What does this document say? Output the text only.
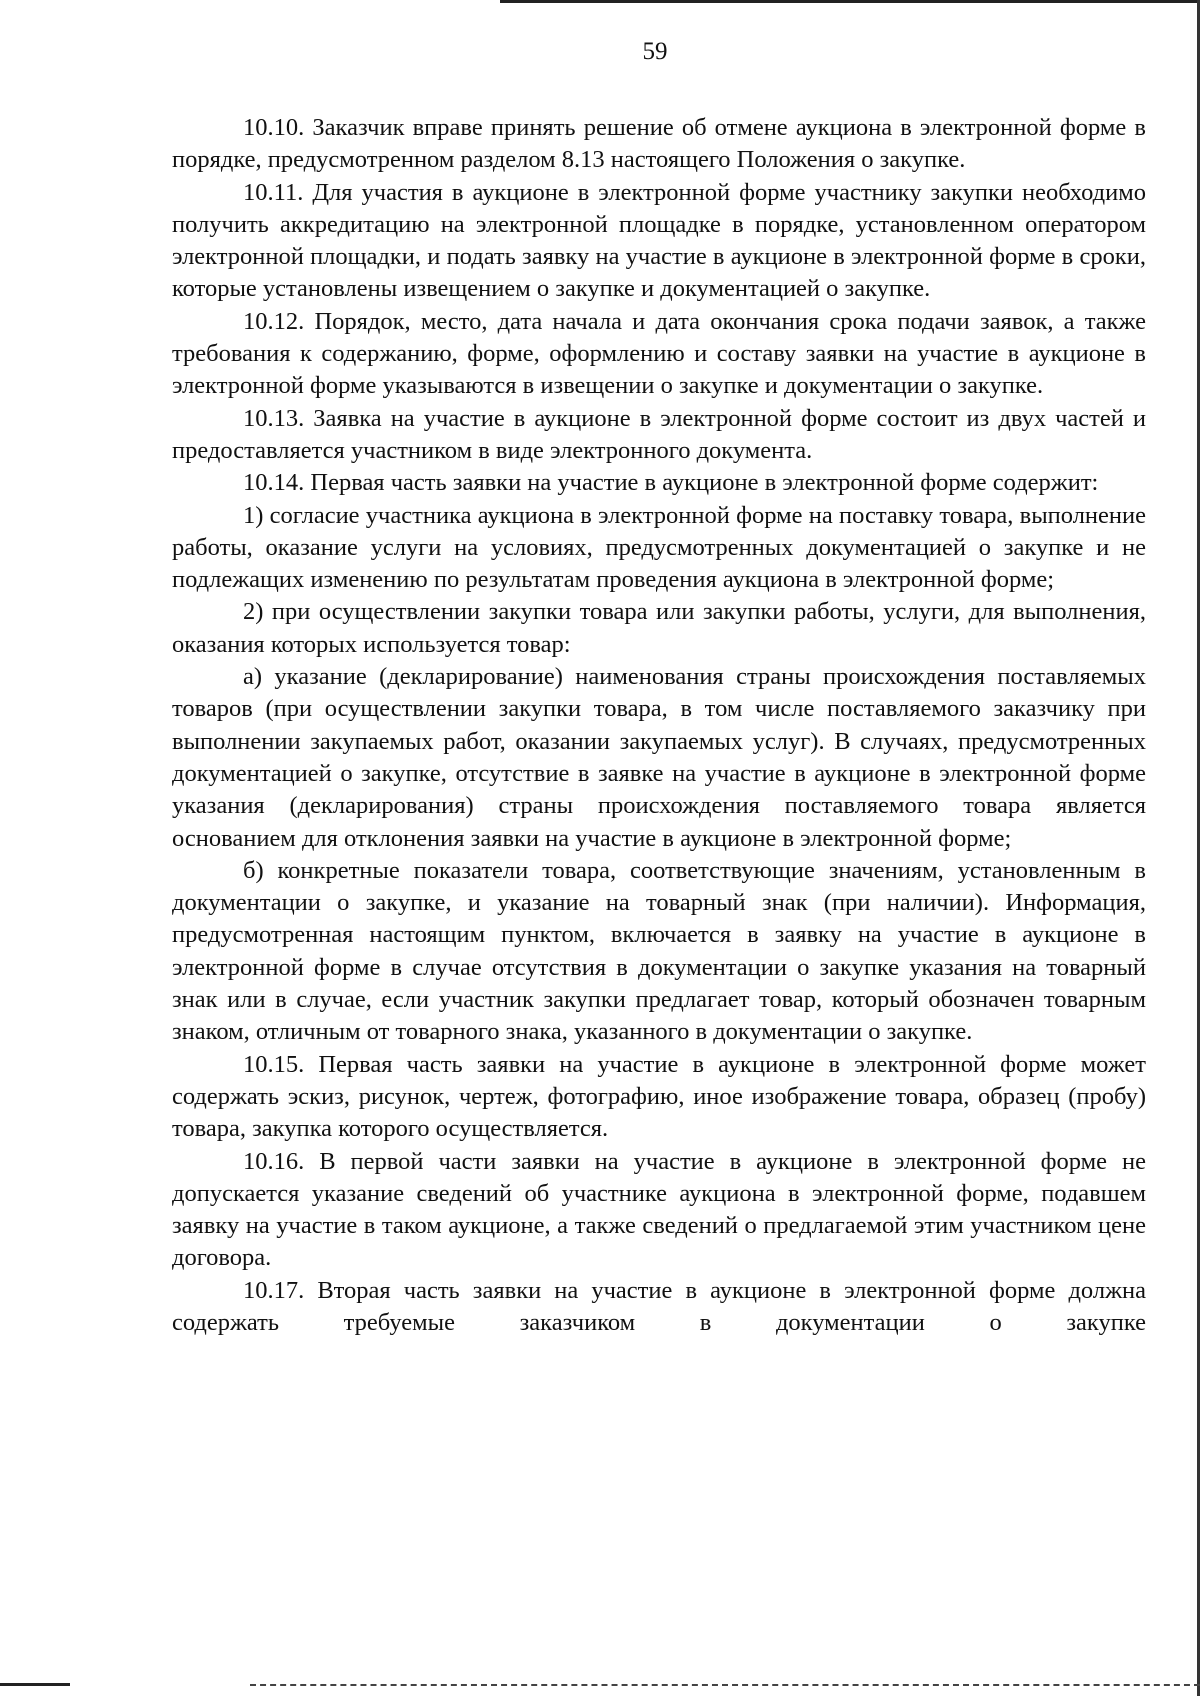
59

10.10. Заказчик вправе принять решение об отмене аукциона в электронной форме в порядке, предусмотренном разделом 8.13 настоящего Положения о закупке.

10.11. Для участия в аукционе в электронной форме участнику закупки необходимо получить аккредитацию на электронной площадке в порядке, установленном оператором электронной площадки, и подать заявку на участие в аукционе в электронной форме в сроки, которые установлены извещением о закупке и документацией о закупке.

10.12. Порядок, место, дата начала и дата окончания срока подачи заявок, а также требования к содержанию, форме, оформлению и составу заявки на участие в аукционе в электронной форме указываются в извещении о закупке и документации о закупке.

10.13. Заявка на участие в аукционе в электронной форме состоит из двух частей и предоставляется участником в виде электронного документа.

10.14. Первая часть заявки на участие в аукционе в электронной форме содержит:

1) согласие участника аукциона в электронной форме на поставку товара, выполнение работы, оказание услуги на условиях, предусмотренных документацией о закупке и не подлежащих изменению по результатам проведения аукциона в электронной форме;

2) при осуществлении закупки товара или закупки работы, услуги, для выполнения, оказания которых используется товар:

а) указание (декларирование) наименования страны происхождения поставляемых товаров (при осуществлении закупки товара, в том числе поставляемого заказчику при выполнении закупаемых работ, оказании закупаемых услуг). В случаях, предусмотренных документацией о закупке, отсутствие в заявке на участие в аукционе в электронной форме указания (декларирования) страны происхождения поставляемого товара является основанием для отклонения заявки на участие в аукционе в электронной форме;

б) конкретные показатели товара, соответствующие значениям, установленным в документации о закупке, и указание на товарный знак (при наличии). Информация, предусмотренная настоящим пунктом, включается в заявку на участие в аукционе в электронной форме в случае отсутствия в документации о закупке указания на товарный знак или в случае, если участник закупки предлагает товар, который обозначен товарным знаком, отличным от товарного знака, указанного в документации о закупке.

10.15. Первая часть заявки на участие в аукционе в электронной форме может содержать эскиз, рисунок, чертеж, фотографию, иное изображение товара, образец (пробу) товара, закупка которого осуществляется.

10.16. В первой части заявки на участие в аукционе в электронной форме не допускается указание сведений об участнике аукциона в электронной форме, подавшем заявку на участие в таком аукционе, а также сведений о предлагаемой этим участником цене договора.

10.17. Вторая часть заявки на участие в аукционе в электронной форме должна содержать требуемые заказчиком в документации о закупке
